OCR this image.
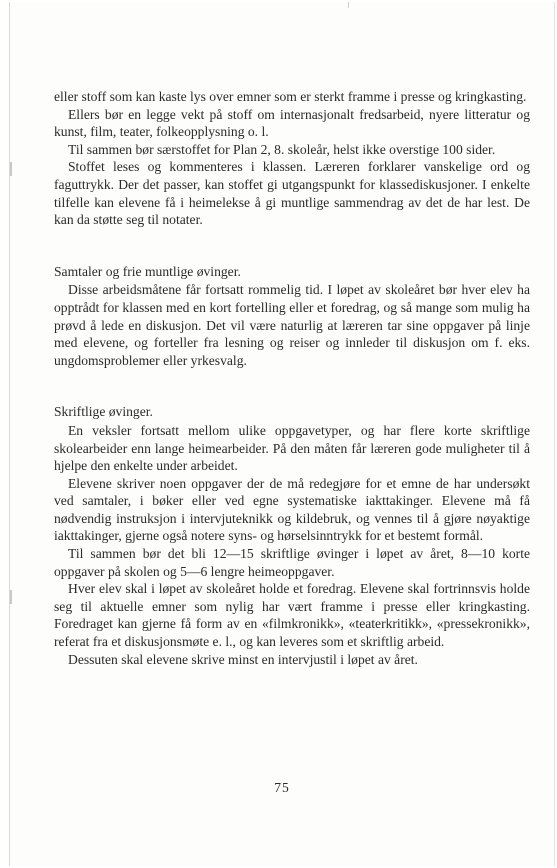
eller stoff som kan kaste lys over emner som er sterkt framme i presse og kringkasting.

Ellers bør en legge vekt på stoff om internasjonalt fredsarbeid, nyere litteratur og kunst, film, teater, folkeopplysning o. l.

Til sammen bør særstoffet for Plan 2, 8. skoleår, helst ikke overstige 100 sider.

Stoffet leses og kommenteres i klassen. Læreren forklarer vanskelige ord og faguttrykk. Der det passer, kan stoffet gi utgangspunkt for klassediskusjoner. I enkelte tilfelle kan elevene få i heimelekse å gi muntlige sammendrag av det de har lest. De kan da støtte seg til notater.

Samtaler og frie muntlige øvinger.

Disse arbeidsmåtene får fortsatt rommelig tid. I løpet av skoleåret bør hver elev ha opptrådt for klassen med en kort fortelling eller et foredrag, og så mange som mulig ha prøvd å lede en diskusjon. Det vil være naturlig at læreren tar sine oppgaver på linje med elevene, og forteller fra lesning og reiser og innleder til diskusjon om f. eks. ungdomsproblemer eller yrkesvalg.

Skriftlige øvinger.

En veksler fortsatt mellom ulike oppgavetyper, og har flere korte skriftlige skolearbeider enn lange heimearbeider. På den måten får læreren gode muligheter til å hjelpe den enkelte under arbeidet.

Elevene skriver noen oppgaver der de må redegjøre for et emne de har undersøkt ved samtaler, i bøker eller ved egne systematiske iakttakinger. Elevene må få nødvendig instruksjon i intervjuteknikk og kildebruk, og vennes til å gjøre nøyaktige iakttakinger, gjerne også notere syns- og hørselsinntrykk for et bestemt formål.

Til sammen bør det bli 12—15 skriftlige øvinger i løpet av året, 8—10 korte oppgaver på skolen og 5—6 lengre heimeoppgaver.

Hver elev skal i løpet av skoleåret holde et foredrag. Elevene skal fortrinnsvis holde seg til aktuelle emner som nylig har vært framme i presse eller kringkasting. Foredraget kan gjerne få form av en «filmkronikk», «teaterkritikk», «pressekronikk», referat fra et diskusjonsmøte e. l., og kan leveres som et skriftlig arbeid.

Dessuten skal elevene skrive minst en intervjustil i løpet av året.

75
